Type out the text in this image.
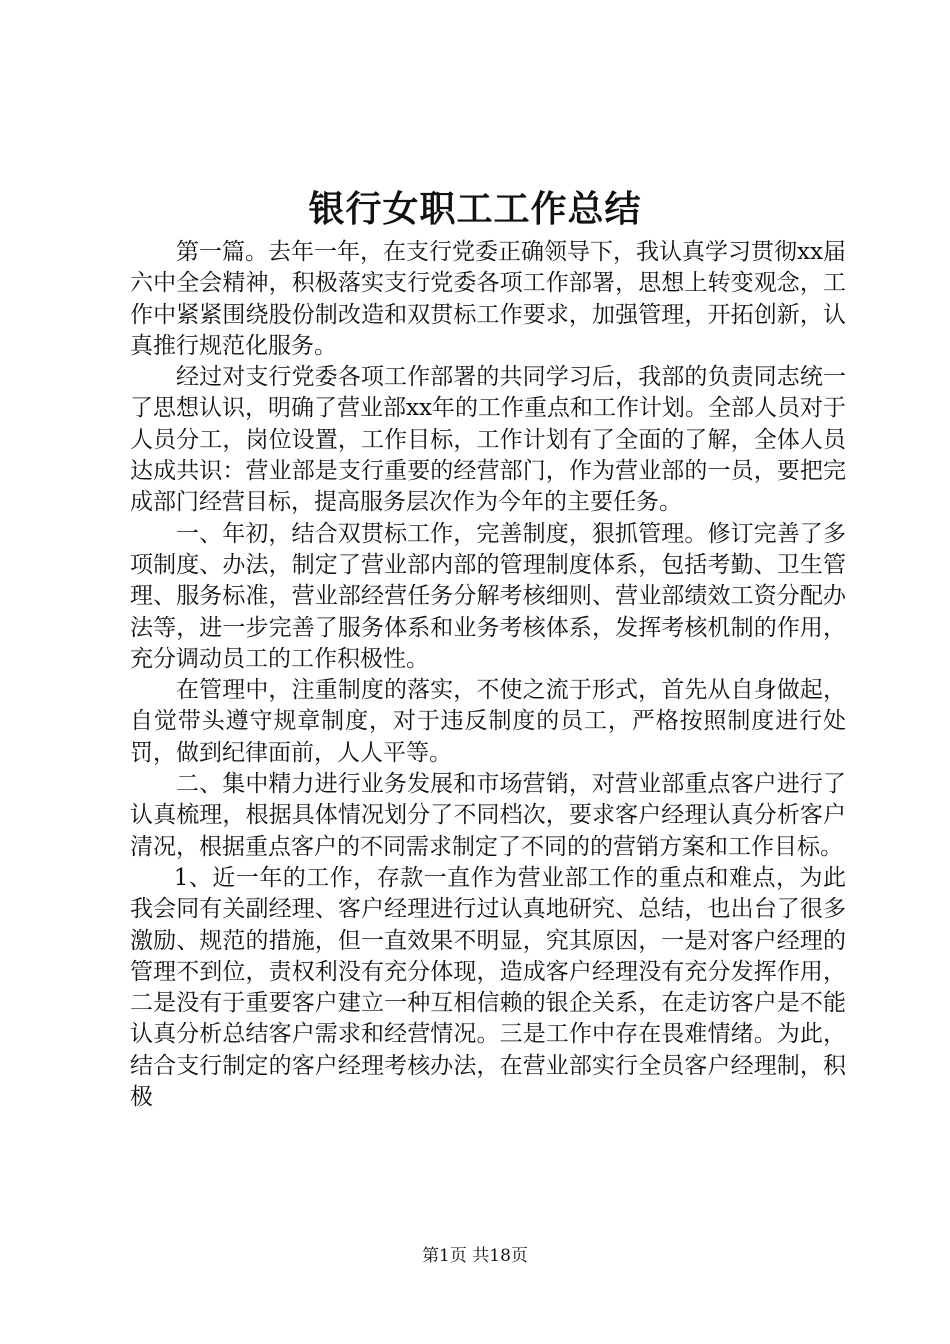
银行女职工工作总结

第一篇。去年一年，在支行党委正确领导下，我认真学习贯彻xx届六中全会精神，积极落实支行党委各项工作部署，思想上转变观念，工作中紧紧围绕股份制改造和双贯标工作要求，加强管理，开拓创新，认真推行规范化服务。

经过对支行党委各项工作部署的共同学习后，我部的负责同志统一了思想认识，明确了营业部xx年的工作重点和工作计划。全部人员对于人员分工，岗位设置，工作目标，工作计划有了全面的了解，全体人员达成共识：营业部是支行重要的经营部门，作为营业部的一员，要把完成部门经营目标，提高服务层次作为今年的主要任务。

一、年初，结合双贯标工作，完善制度，狠抓管理。修订完善了多项制度、办法，制定了营业部内部的管理制度体系，包括考勤、卫生管理、服务标准，营业部经营任务分解考核细则、营业部绩效工资分配办法等，进一步完善了服务体系和业务考核体系，发挥考核机制的作用，充分调动员工的工作积极性。

在管理中，注重制度的落实，不使之流于形式，首先从自身做起，自觉带头遵守规章制度，对于违反制度的员工，严格按照制度进行处罚，做到纪律面前，人人平等。

二、集中精力进行业务发展和市场营销，对营业部重点客户进行了认真梳理，根据具体情况划分了不同档次，要求客户经理认真分析客户清况，根据重点客户的不同需求制定了不同的的营销方案和工作目标。

1、近一年的工作，存款一直作为营业部工作的重点和难点，为此我会同有关副经理、客户经理进行过认真地研究、总结，也出台了很多激励、规范的措施，但一直效果不明显，究其原因，一是对客户经理的管理不到位，责权利没有充分体现，造成客户经理没有充分发挥作用，二是没有于重要客户建立一种互相信赖的银企关系，在走访客户是不能认真分析总结客户需求和经营情况。三是工作中存在畏难情绪。为此，结合支行制定的客户经理考核办法，在营业部实行全员客户经理制，积极

第1页 共18页
